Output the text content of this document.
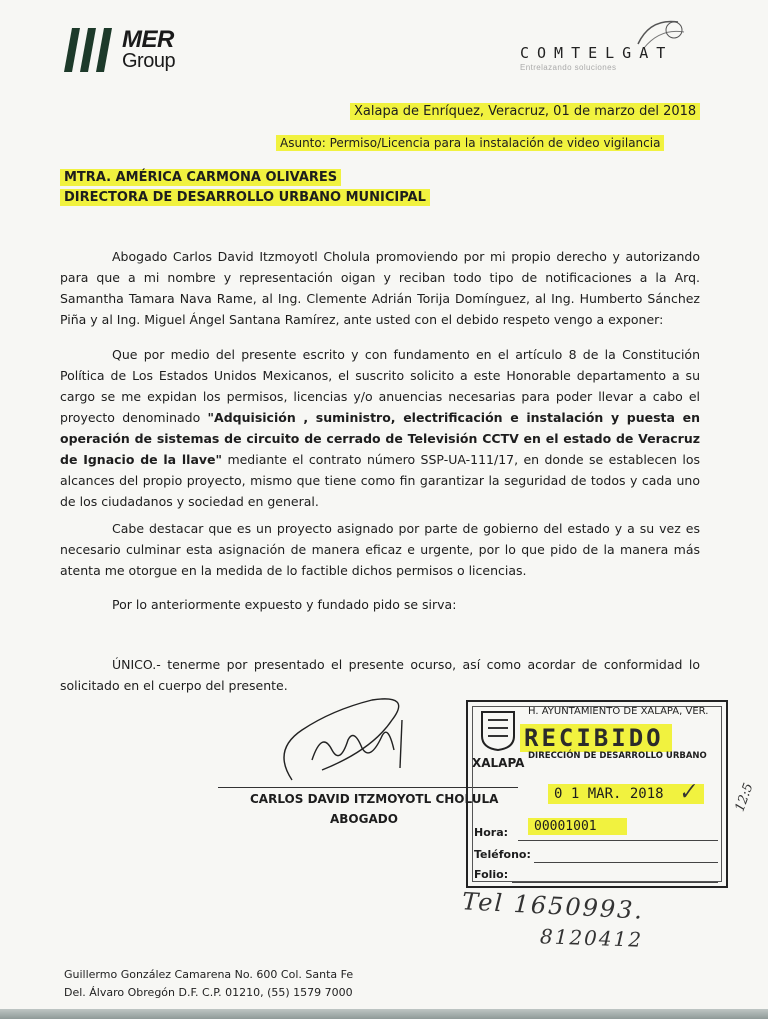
MER
Group	COMTELGAT
Entrelazando soluciones
Xalapa de Enríquez, Veracruz, 01 de marzo del 2018
Asunto: Permiso/Licencia para la instalación de video vigilancia
MTRA. AMÉRICA CARMONA OLIVARES
DIRECTORA DE DESARROLLO URBANO MUNICIPAL

Abogado Carlos David Itzmoyotl Cholula promoviendo por mi propio derecho y autorizando para que a mi nombre y representación oigan y reciban todo tipo de notificaciones a la Arq. Samantha Tamara Nava Rame, al Ing. Clemente Adrián Torija Domínguez, al Ing. Humberto Sánchez Piña y al Ing. Miguel Ángel Santana Ramírez, ante usted con el debido respeto vengo a exponer:

Que por medio del presente escrito y con fundamento en el artículo 8 de la Constitución Política de Los Estados Unidos Mexicanos, el suscrito solicito a este Honorable departamento a su cargo se me expidan los permisos, licencias y/o anuencias necesarias para poder llevar a cabo el proyecto denominado "Adquisición , suministro, electrificación e instalación y puesta en operación de sistemas de circuito de cerrado de Televisión CCTV en el estado de Veracruz de Ignacio de la llave" mediante el contrato número SSP-UA-111/17, en donde se establecen los alcances del propio proyecto, mismo que tiene como fin garantizar la seguridad de todos y cada uno de los ciudadanos y sociedad en general.

Cabe destacar que es un proyecto asignado por parte de gobierno del estado y a su vez es necesario culminar esta asignación de manera eficaz e urgente, por lo que pido de la manera más atenta me otorgue en la medida de lo factible dichos permisos o licencias.

Por lo anteriormente expuesto y fundado pido se sirva:

ÚNICO.- tenerme por presentado el presente ocurso, así como acordar de conformidad lo solicitado en el cuerpo del presente.

CARLOS DAVID ITZMOYOTL CHOLULA
ABOGADO
H. AYUNTAMIENTO DE XALAPA, VER.
RECIBIDO
DIRECCIÓN DE DESARROLLO URBANO
XALAPA
0 1 MAR. 2018
Hora:	00001001
Teléfono:
Folio:
✓	12:5
Tel 1650993.
8120412
Guillermo González Camarena No. 600 Col. Santa Fe
Del. Álvaro Obregón D.F. C.P. 01210, (55) 1579 7000
